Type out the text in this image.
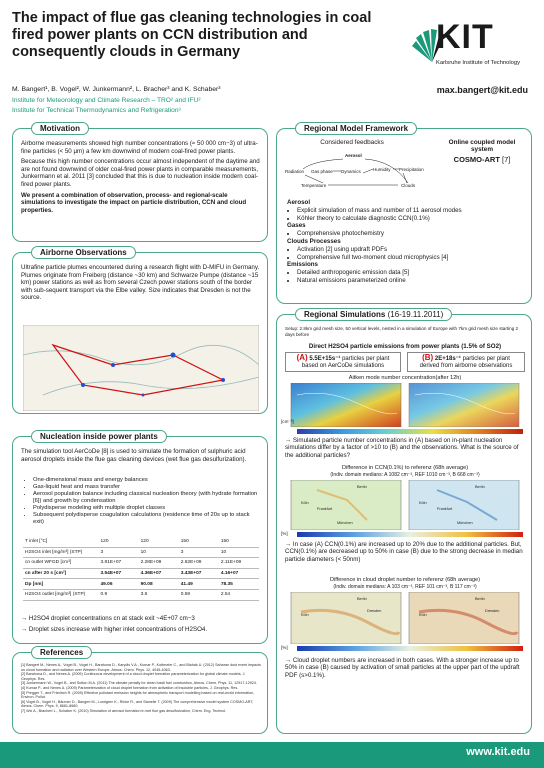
The impact of flue gas cleaning technologies in coal fired power plants on CCN distribution and consequently clouds in Germany
M. Bangert¹, B. Vogel², W. Junkermann², L. Bracher³ and K. Schaber³	max.bangert@kit.edu
Institute for Meteorology and Climate Research – TRO² and IFU²
Institute for Technical Thermodynamics and Refrigeration³
KIT
Karlsruhe Institute of Technology
Motivation

Airborne measurements showed high number concentrations (≈ 50 000 cm−3) of ultra-fine particles (< 50 µm) a few km downwind of modern coal-fired power plants.

Because this high number concentrations occur almost independent of the daytime and are not found downwind of older coal-fired power plants in comparable measurements, Junkermann et al. 2011 [3] concluded that this is due to nucleation inside modern coal-fired power plants.

We present a combination of observation, process- and regional-scale simulations to investigate the impact on particle distribution, CCN and cloud properties.

Airborne Observations

Ultrafine particle plumes encountered during a research flight with D-MIFU in Germany. Plumes originate from Freiberg (distance ~30 km) and Schwarze Pumpe (distance ~15 km) power stations as well as from several Czech power stations south of the border with sub-sequent transport via the Elbe valley. Size indicates that Dresden is not the source.

Nucleation inside power plants

The simulation tool AerCoDe [8] is used to simulate the formation of sulphuric acid aerosol droplets inside the flue gas cleaning devices (wet flue gas desulfurization).

• One-dimensional mass and energy balances
• Gas-liquid heat and mass transfer
• Aerosol population balance including classical nucleation theory (with hydrate formation [6]) and growth by condensation
• Polydisperse modeling with multiple droplet classes
• Subsequent polydisperse coagulation calculations (residence time of 20s up to stack exit)
T inlet [°C]	120	120	150	150
H2SO4 inlet [mg/m³] (STP)	3	10	3	10
cn outlet WFGD [cm³]	3.81E+07	2.28E+09	2.62E+09	2.11E+09
cn after 20 s [cm³]	3.54E+07	4.36E+07	3.43E+07	4.16+07
Dp [nm]	49.06	90.08	41.49	78.35
H2SO4 outlet [mg/m³] (STP)	0.9	3.6	0.59	2.54

→ H2SO4 droplet concentrations cn at stack exit ~4E+07 cm−3

→ Droplet sizes increase with higher inlet concentrations of H2SO4.

References

[1] Bangert M., Nenes A., Vogel B., Vogel H., Barahona D., Karydis V.A., Kumar P., Kottmeier C., and Blahak U. (2012) Saharan dust event impacts on cloud formation and radiation over Western Europe, Atmos. Chem. Phys. 12, 4045-4063.

[2] Barahona D., and Nenes A. (2009) Continuous development of a cloud droplet formation parameterization for global climate models, J. Geophys. Res.

[3] Junkermann W., Vogel B., and Sutton M.A. (2011) The climate penalty for clean fossil fuel combustion, Atmos. Chem. Phys. 11, 12917-12924.

[4] Kumar P., and Nenes A. (2009) Parameterization of cloud droplet formation from activation of insoluble particles, J. Geophys. Res.

[5] Pregger T., and Friedrich R. (2009) Effective pollutant emission heights for atmospheric transport modelling based on real-world information, Environ. Pollut.

[6] Vogel B., Vogel H., Bäumer D., Bangert M., Lundgren K., Rinke R., and Stanelle T. (2009) The comprehensive model system COSMO-ART, Atmos. Chem. Phys. 9, 8661-8680.

[7] Wix A., Brachert L., Schaber K. (2010) Simulation of aerosol formation in wet flue gas desulfurization, Chem. Eng. Technol.

Regional Model Framework
Considered feedbacks
Aerosol
Radiation Gas phase Dynamics	Humidity Precipitation
Temperature	Clouds
Online coupled model system
COSMO-ART [7]
Aerosol
• Explicit simulation of mass and number of 11 aerosol modes
• Köhler theory to calculate diagnostic CCN(0.1%)
Gases
• Comprehensive photochemistry
Clouds Processes
• Activation [2] using updraft PDFs
• Comprehensive full two-moment cloud microphysics [4]
Emissions
• Detailed anthropogenic emission data [5]
• Natural emissions parameterized online
Regional Simulations (16-19.11.2011)
Setup: 2.8km grid mesh size, 50 vertical levels, nested in a simulation of Europe with 7km grid mesh size starting 2 days before
Direct H2SO4 particle emissions from power plants (1.5% of SO2)
(A) 5.5E+15s⁻¹ particles per plant
based on AerCoDe simulations
(B) 2E+18s⁻¹ particles per plant
derived from airborne observations
Aitken mode number concentration(after 12h)
[cm⁻³]
→ Simulated particle number concentrations in (A) based on in-plant nucleation simulations differ by a factor of >10 to (B) and the observations. What is the source of the additional particles?
Difference in CCN(0.1%) to referenz (68h average)
(Indiv. domain medians: A 1082 cm⁻³, REF 1010 cm⁻³, B 668 cm⁻³)
Berlin
Köln
Frankfurt
München
Berlin
Köln
Frankfurt
München
[%]
→ In case (A) CCN(0.1%) are increased up to 20% due to the additional particles. But, CCN(0.1%) are decreased up to 50% in case (B) due to the strong decrease in median particle diameters (< 50nm)
Difference in cloud droplet number to referenz (68h average)
(Indiv. domain medians: A 103 cm⁻³, REF 101 cm⁻³, B 117 cm⁻³)
Berlin
Köln
Dresden
Berlin
Köln
Dresden
[%]
→ Cloud droplet numbers are increased in both cases. With a stronger increase up to 50% in case (B) caused by activation of small particles at the upper part of the updraft PDF (s>0.1%).
www.kit.edu
